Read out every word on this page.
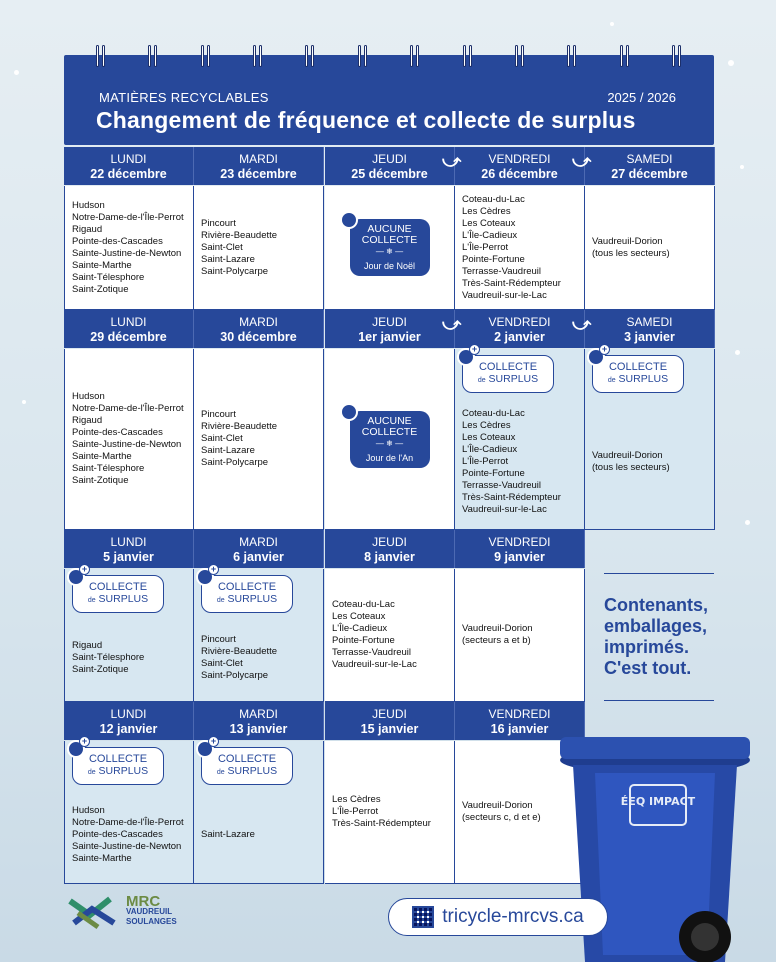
MATIÈRES RECYCLABLES	2025 / 2026
Changement de fréquence et collecte de surplus
LUNDI
22 décembre
Hudson
Notre-Dame-de-l'Île-Perrot
Rigaud
Pointe-des-Cascades
Sainte-Justine-de-Newton
Sainte-Marthe
Saint-Télesphore
Saint-Zotique
MARDI
23 décembre
Pincourt
Rivière-Beaudette
Saint-Clet
Saint-Lazare
Saint-Polycarpe
JEUDI
25 décembre
AUCUNE
COLLECTE
— ❄ —
Jour de Noël
VENDREDI
26 décembre
⤻
Coteau-du-Lac
Les Cèdres
Les Coteaux
L'Île-Cadieux
L'Île-Perrot
Pointe-Fortune
Terrasse-Vaudreuil
Très-Saint-Rédempteur
Vaudreuil-sur-le-Lac
SAMEDI
27 décembre
⤻
Vaudreuil-Dorion
(tous les secteurs)
LUNDI
29 décembre
Hudson
Notre-Dame-de-l'Île-Perrot
Rigaud
Pointe-des-Cascades
Sainte-Justine-de-Newton
Sainte-Marthe
Saint-Télesphore
Saint-Zotique
MARDI
30 décembre
Pincourt
Rivière-Beaudette
Saint-Clet
Saint-Lazare
Saint-Polycarpe
JEUDI
1er janvier
AUCUNE
COLLECTE
— ❄ —
Jour de l'An
VENDREDI
2 janvier
⤻
+
COLLECTE
de SURPLUS
Coteau-du-Lac
Les Cèdres
Les Coteaux
L'Île-Cadieux
L'Île-Perrot
Pointe-Fortune
Terrasse-Vaudreuil
Très-Saint-Rédempteur
Vaudreuil-sur-le-Lac
SAMEDI
3 janvier
⤻
+
COLLECTE
de SURPLUS
Vaudreuil-Dorion
(tous les secteurs)
LUNDI
5 janvier
+
COLLECTE
de SURPLUS
Rigaud
Saint-Télesphore
Saint-Zotique
MARDI
6 janvier
+
COLLECTE
de SURPLUS
Pincourt
Rivière-Beaudette
Saint-Clet
Saint-Polycarpe
JEUDI
8 janvier
Coteau-du-Lac
Les Coteaux
L'Île-Cadieux
Pointe-Fortune
Terrasse-Vaudreuil
Vaudreuil-sur-le-Lac
VENDREDI
9 janvier
Vaudreuil-Dorion
(secteurs a et b)
LUNDI
12 janvier
+
COLLECTE
de SURPLUS
Hudson
Notre-Dame-de-l'Île-Perrot
Pointe-des-Cascades
Sainte-Justine-de-Newton
Sainte-Marthe
MARDI
13 janvier
+
COLLECTE
de SURPLUS
Saint-Lazare
JEUDI
15 janvier
Les Cèdres
L'Île-Perrot
Très-Saint-Rédempteur
VENDREDI
16 janvier
Vaudreuil-Dorion
(secteurs c, d et e)
Contenants,
emballages,
imprimés.
C'est tout.
ÉEQ IMPACT
MRC
VAUDREUIL
SOULANGES	tricycle-mrcvs.ca
